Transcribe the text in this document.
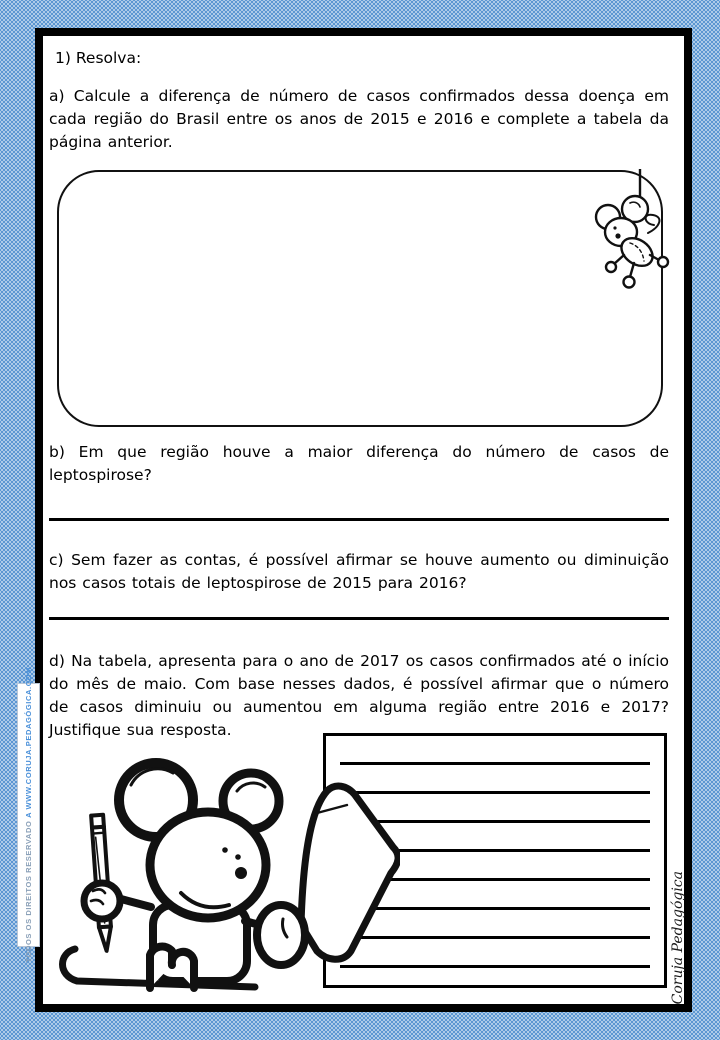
1) Resolva:
a) Calcule a diferença de número de casos confirmados dessa doença em cada região do Brasil entre os anos de 2015 e 2016 e complete a tabela da página anterior.
b) Em que região houve a maior diferença do número de casos de leptospirose?
c) Sem fazer as contas, é possível afirmar se houve aumento ou diminuição nos casos totais de leptospirose de 2015 para 2016?
d) Na tabela, apresenta para o ano de 2017 os casos confirmados até o início do mês de maio. Com base nesses dados, é possível afirmar que o número de casos diminuiu ou aumentou em alguma região entre 2016 e 2017? Justifique sua resposta.
Coruja Pedagógica
TODOS OS DIREITOS RESERVADO A WWW.CORUJA.PEDAGÓGICA.COM
